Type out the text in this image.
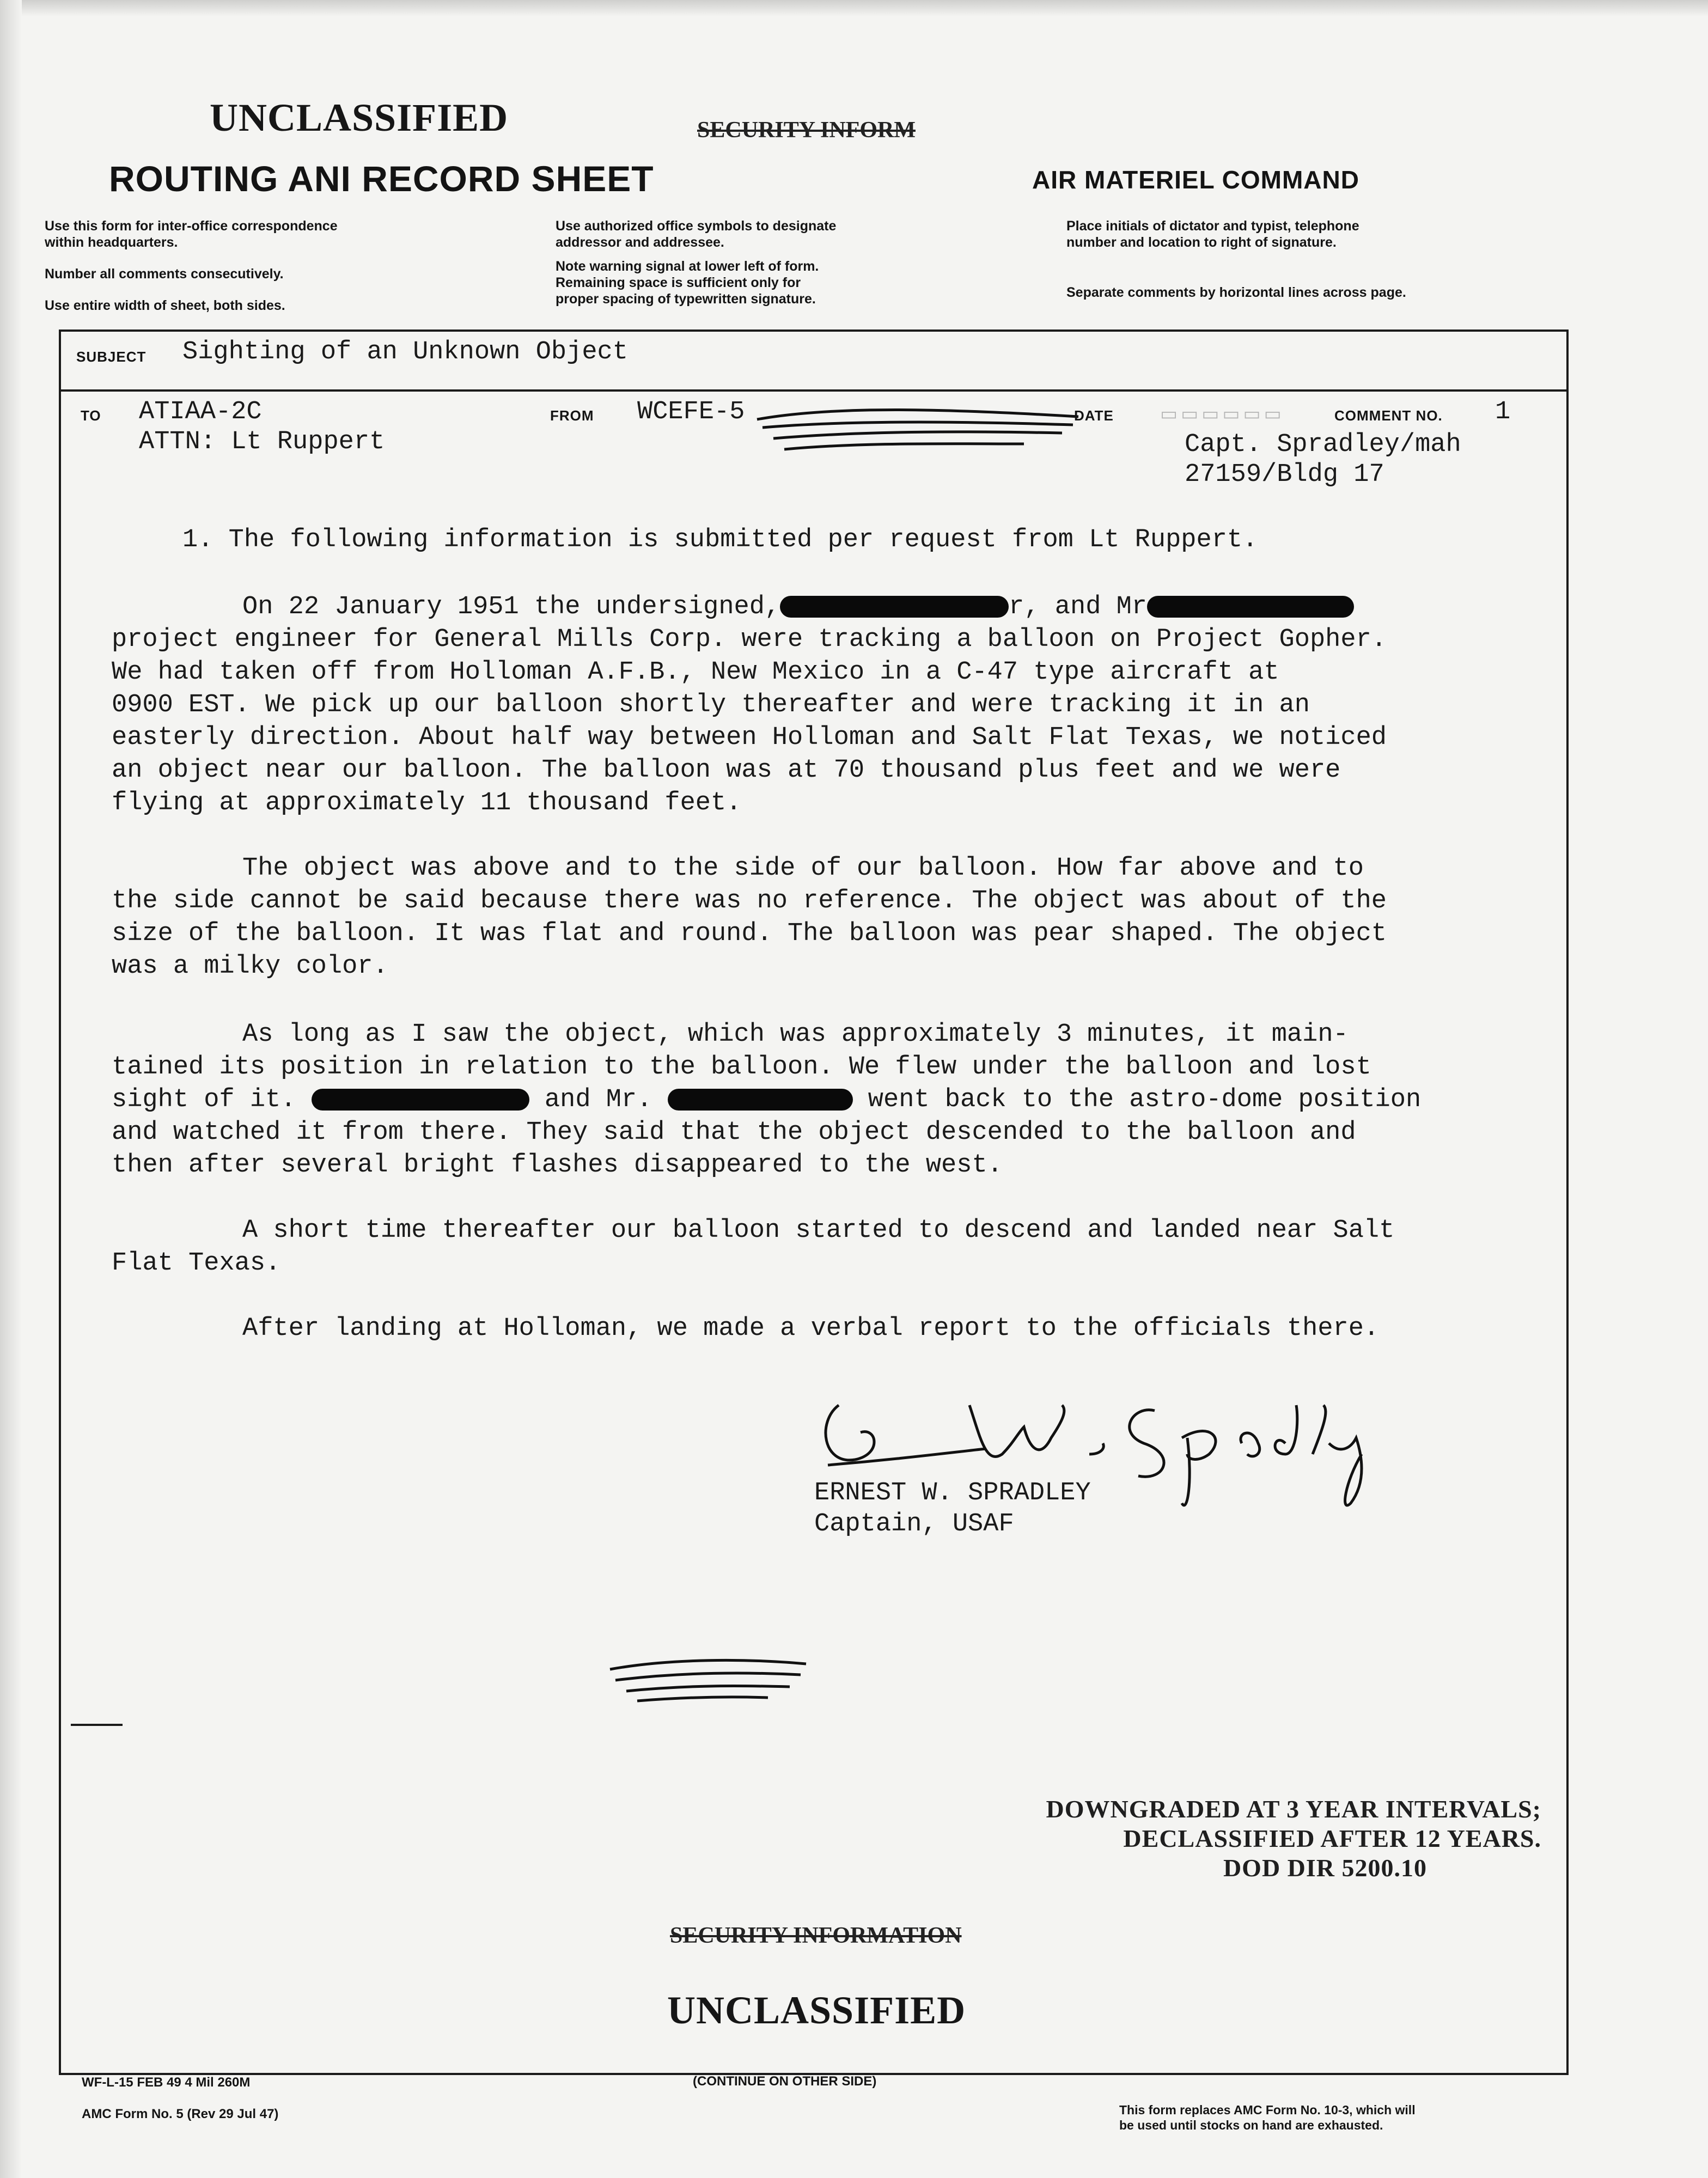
UNCLASSIFIED	SECURITY INFORM
ROUTING ANI RECORD SHEET	AIR MATERIEL COMMAND
Use this form for inter-office correspondence
within headquarters.
Number all comments consecutively.
Use entire width of sheet, both sides.
Use authorized office symbols to designate
addressor and addressee.
Note warning signal at lower left of form.
Remaining space is sufficient only for
proper spacing of typewritten signature.
Place initials of dictator and typist, telephone
number and location to right of signature.
Separate comments by horizontal lines across page.
SUBJECT Sighting of an Unknown Object
TO ATIAA-2C
ATTN: Lt Ruppert
FROM WCEFE-5	DATE	▭▭▭▭▭▭	COMMENT NO. 1
Capt. Spradley/mah
27159/Bldg 17
1. The following information is submitted per request from Lt Ruppert.
On 22 January 1951 the undersigned,	r, and Mr
project engineer for General Mills Corp. were tracking a balloon on Project Gopher.
We had taken off from Holloman A.F.B., New Mexico in a C-47 type aircraft at
0900 EST. We pick up our balloon shortly thereafter and were tracking it in an
easterly direction. About half way between Holloman and Salt Flat Texas, we noticed
an object near our balloon. The balloon was at 70 thousand plus feet and we were
flying at approximately 11 thousand feet.
The object was above and to the side of our balloon. How far above and to
the side cannot be said because there was no reference. The object was about of the
size of the balloon. It was flat and round. The balloon was pear shaped. The object
was a milky color.
As long as I saw the object, which was approximately 3 minutes, it main-
tained its position in relation to the balloon. We flew under the balloon and lost
sight of it.	and Mr.	went back to the astro-dome position
and watched it from there. They said that the object descended to the balloon and
then after several bright flashes disappeared to the west.
A short time thereafter our balloon started to descend and landed near Salt
Flat Texas.
After landing at Holloman, we made a verbal report to the officials there.
ERNEST W. SPRADLEY
Captain, USAF
DOWNGRADED AT 3 YEAR INTERVALS;
DECLASSIFIED AFTER 12 YEARS.
DOD DIR 5200.10
SECURITY INFORMATION
UNCLASSIFIED
WF-L-15 FEB 49 4 Mil 260M	(CONTINUE ON OTHER SIDE)
AMC Form No. 5 (Rev 29 Jul 47)	This form replaces AMC Form No. 10-3, which will
be used until stocks on hand are exhausted.
